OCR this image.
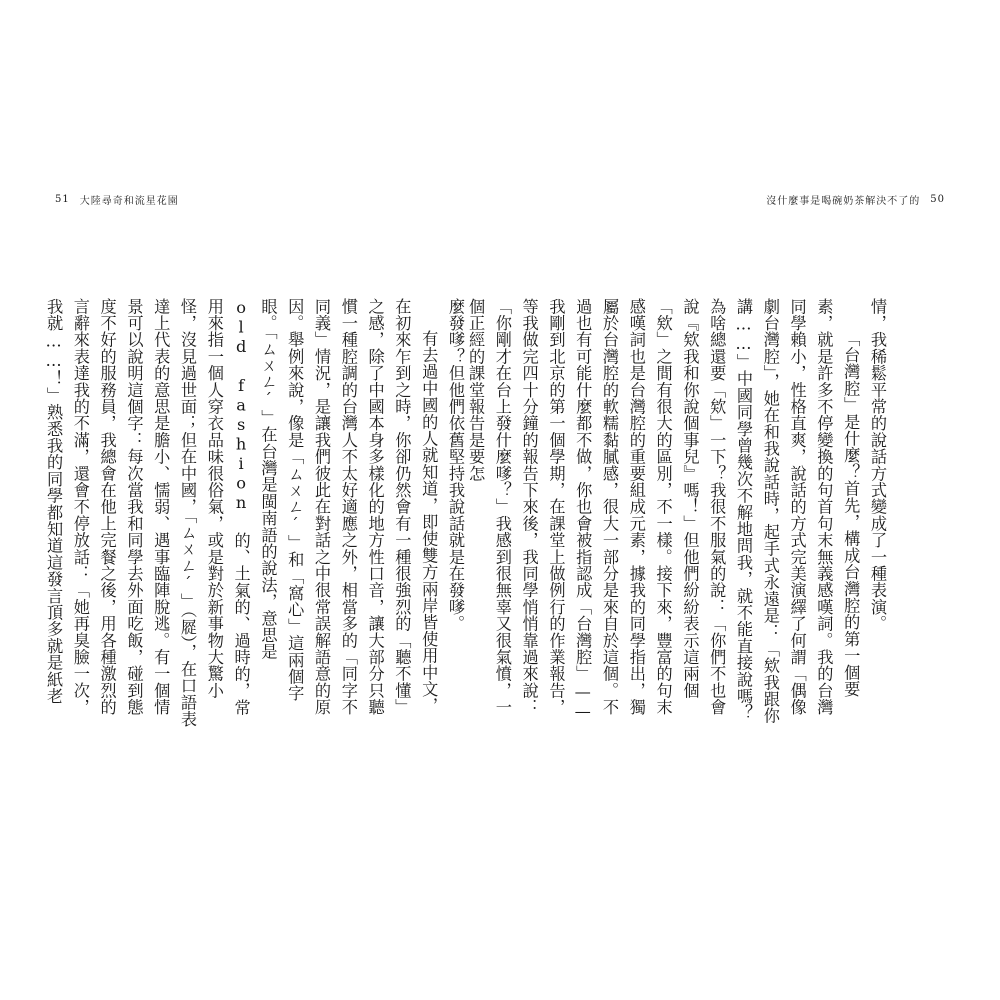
51 大陸尋奇和流星花園	沒什麼事是喝碗奶茶解決不了的 50

情，我稀鬆平常的說話方式變成了一種表演。

「台灣腔」是什麼？首先，構成台灣腔的第一個要素，就是許多不停變換的句首句末無義感嘆詞。我的台灣同學賴小，性格直爽，說話的方式完美演繹了何謂「偶像劇台灣腔」，她在和我說話時，起手式永遠是：「欸我跟你講……」中國同學曾幾次不解地問我，就不能直接說嗎？為啥總還要「欸」一下？我很不服氣的說：「你們不也會說『欸我和你說個事兒』嗎！」但他們紛紛表示這兩個「欸」之間有很大的區別，不一樣。接下來，豐富的句末感嘆詞也是台灣腔的重要組成元素，據我的同學指出，獨屬於台灣腔的軟糯黏膩感，很大一部分是來自於這個。不過也有可能什麼都不做，你也會被指認成「台灣腔」——我剛到北京的第一個學期，在課堂上做例行的作業報告，等我做完四十分鐘的報告下來後，我同學悄悄靠過來說：「你剛才在台上發什麼嗲？」我感到很無辜又很氣憤，一個正經的課堂報告是要怎

麼發嗲？但他們依舊堅持我說話就是在發嗲。

有去過中國的人就知道，即使雙方兩岸皆使用中文，在初來乍到之時，你卻仍然會有一種很強烈的「聽不懂」之感，除了中國本身多樣化的地方性口音，讓大部分只聽慣一種腔調的台灣人不太好適應之外，相當多的「同字不同義」情況，是讓我們彼此在對話之中很常誤解語意的原因。舉例來說，像是「ㄙㄨㄥˊ」和「窩心」這兩個字眼。「ㄙㄨㄥˊ」在台灣是閩南語的說法，意思是 old fashion 的、土氣的、過時的，常用來指一個人穿衣品味很俗氣，或是對於新事物大驚小怪，沒見過世面；但在中國，「ㄙㄨㄥˊ」（㞞），在口語表達上代表的意思是膽小、懦弱、遇事臨陣脫逃。有一個情景可以說明這個字：每次當我和同學去外面吃飯，碰到態度不好的服務員，我總會在他上完餐之後，用各種激烈的言辭來表達我的不滿，還會不停放話：「她再臭臉一次，我就……！」熟悉我的同學都知道這發言頂多就是紙老
